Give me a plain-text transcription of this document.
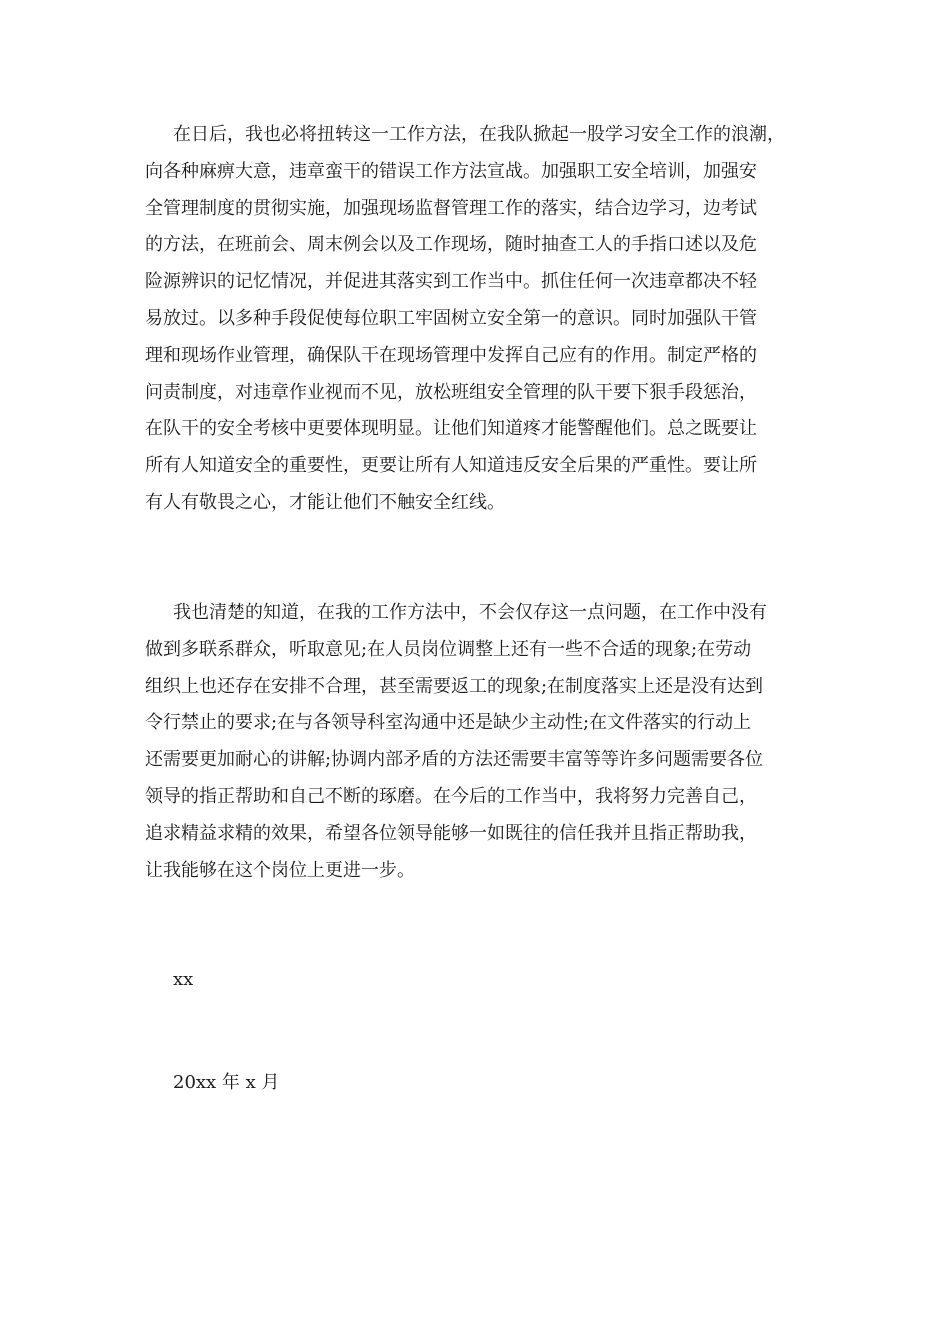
在日后，我也必将扭转这一工作方法，在我队掀起一股学习安全工作的浪潮，
向各种麻痹大意，违章蛮干的错误工作方法宣战。加强职工安全培训，加强安
全管理制度的贯彻实施，加强现场监督管理工作的落实，结合边学习，边考试
的方法，在班前会、周末例会以及工作现场，随时抽查工人的手指口述以及危
险源辨识的记忆情况，并促进其落实到工作当中。抓住任何一次违章都决不轻
易放过。以多种手段促使每位职工牢固树立安全第一的意识。同时加强队干管
理和现场作业管理，确保队干在现场管理中发挥自己应有的作用。制定严格的
问责制度，对违章作业视而不见，放松班组安全管理的队干要下狠手段惩治，
在队干的安全考核中更要体现明显。让他们知道疼才能警醒他们。总之既要让
所有人知道安全的重要性，更要让所有人知道违反安全后果的严重性。要让所
有人有敬畏之心，才能让他们不触安全红线。
我也清楚的知道，在我的工作方法中，不会仅存这一点问题，在工作中没有
做到多联系群众，听取意见;在人员岗位调整上还有一些不合适的现象;在劳动
组织上也还存在安排不合理，甚至需要返工的现象;在制度落实上还是没有达到
令行禁止的要求;在与各领导科室沟通中还是缺少主动性;在文件落实的行动上
还需要更加耐心的讲解;协调内部矛盾的方法还需要丰富等等许多问题需要各位
领导的指正帮助和自己不断的琢磨。在今后的工作当中，我将努力完善自己，
追求精益求精的效果，希望各位领导能够一如既往的信任我并且指正帮助我，
让我能够在这个岗位上更进一步。

xx

20xx 年 x 月
